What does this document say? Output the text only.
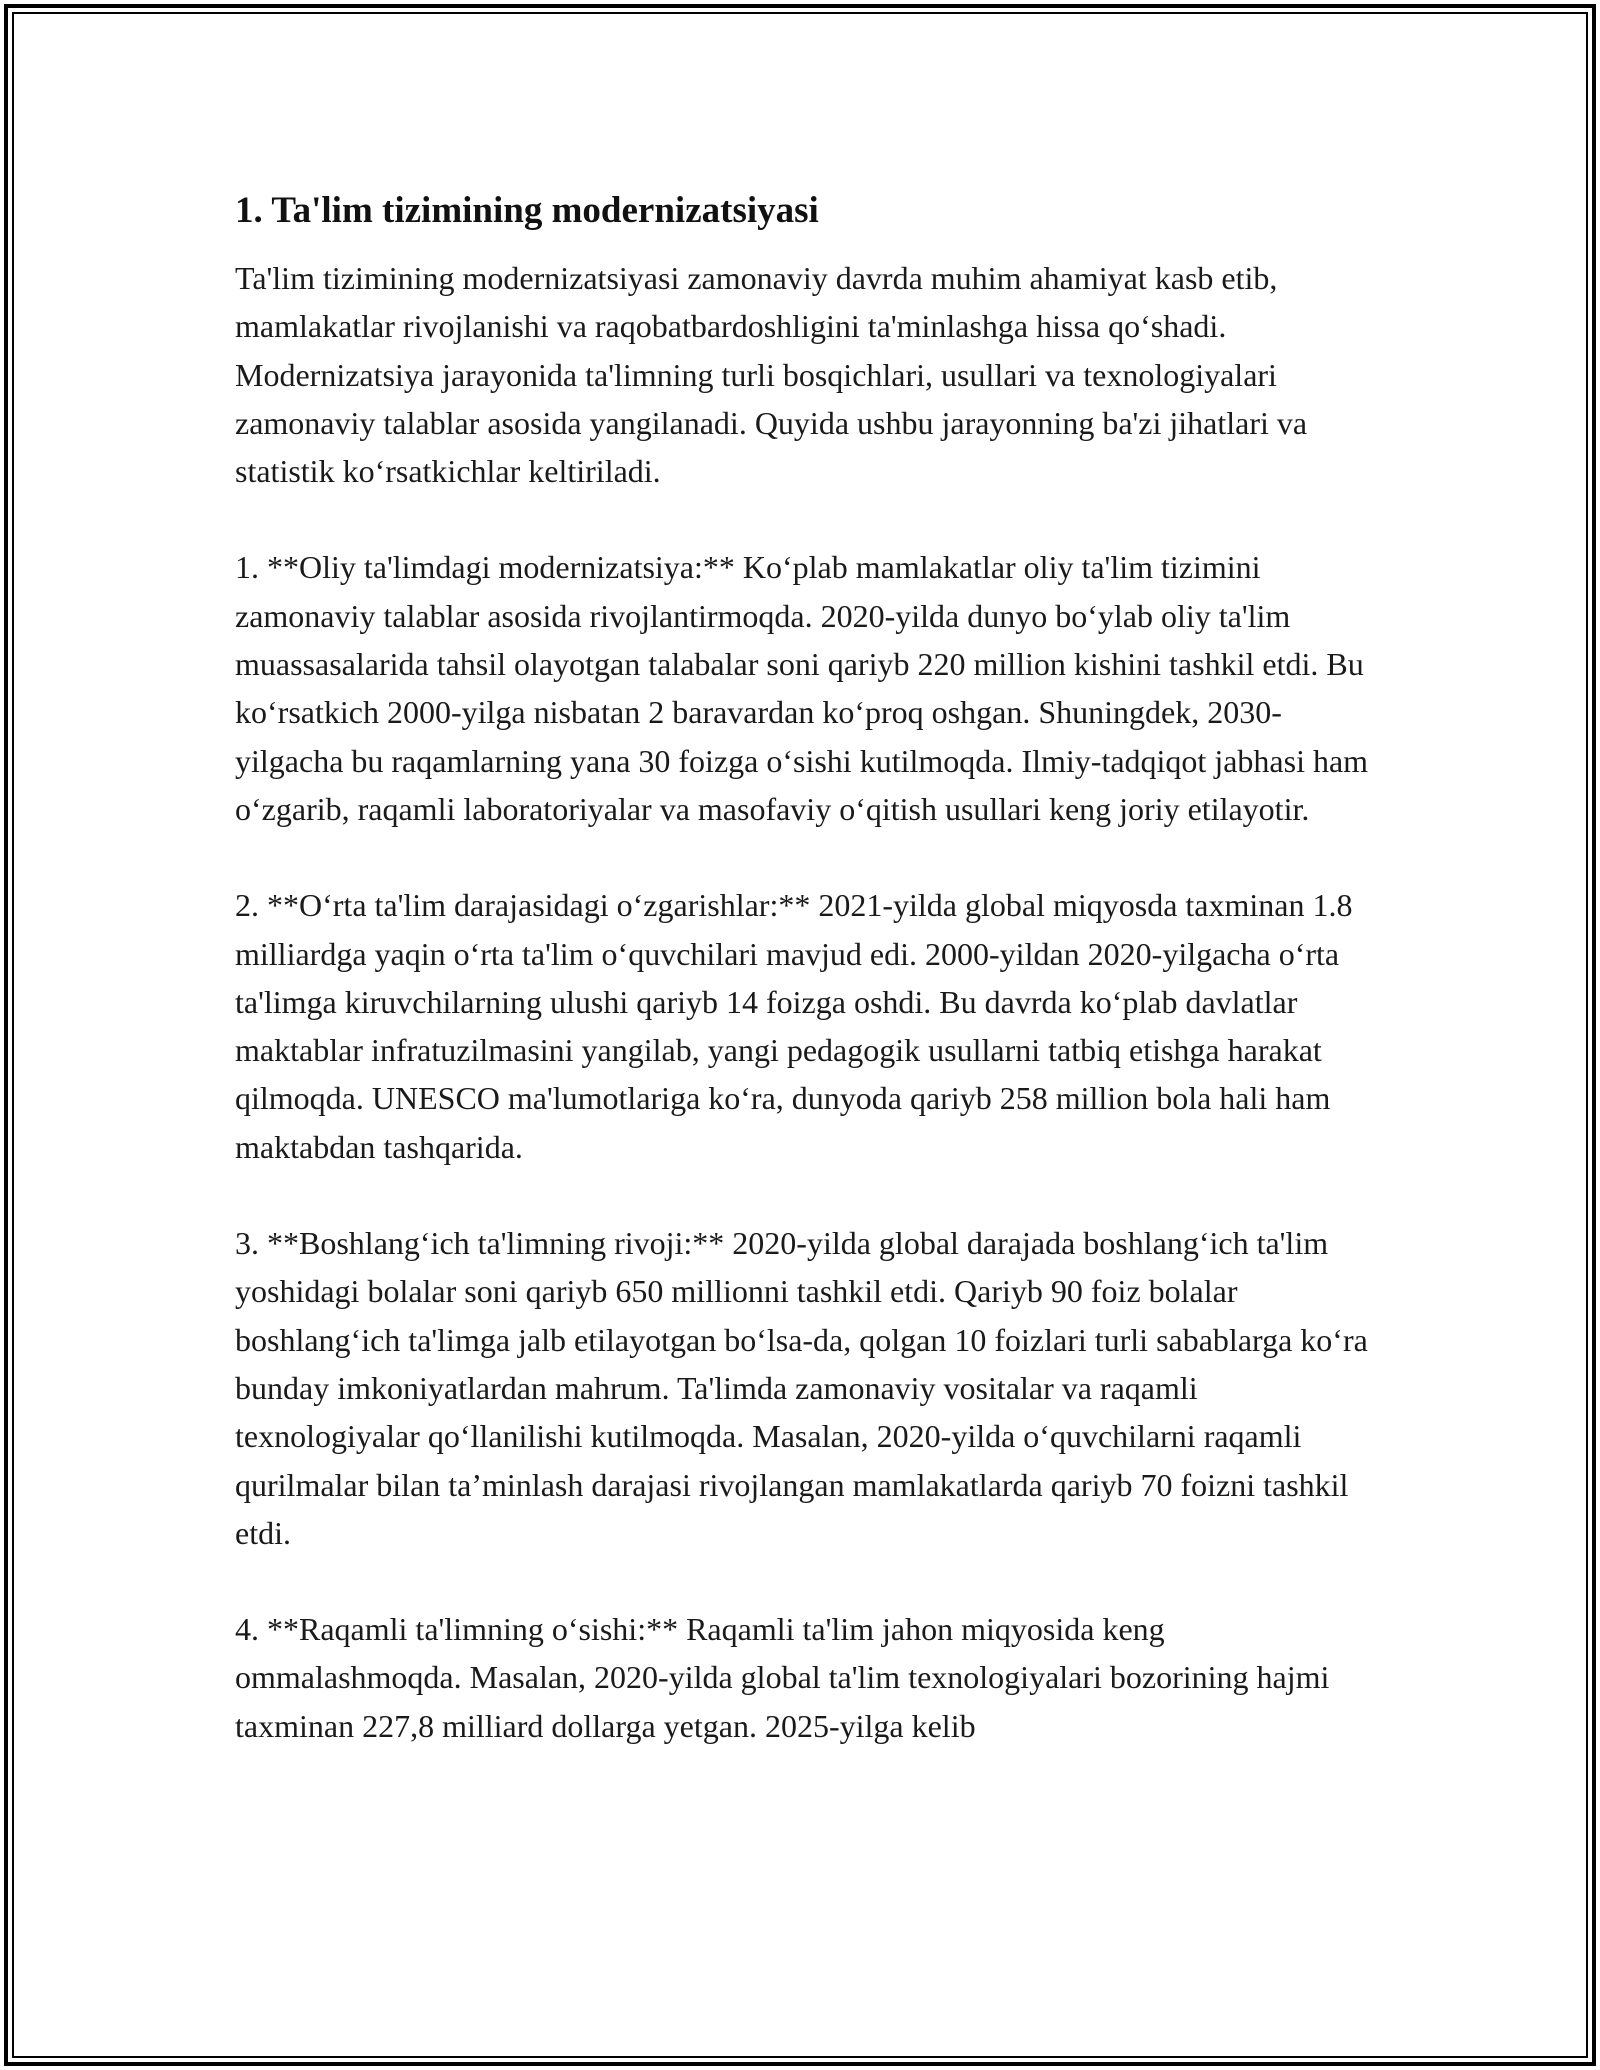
1. Ta'lim tizimining modernizatsiyasi

Ta'lim tizimining modernizatsiyasi zamonaviy davrda muhim ahamiyat kasb etib, mamlakatlar rivojlanishi va raqobatbardoshligini ta'minlashga hissa qo‘shadi. Modernizatsiya jarayonida ta'limning turli bosqichlari, usullari va texnologiyalari zamonaviy talablar asosida yangilanadi. Quyida ushbu jarayonning ba'zi jihatlari va statistik ko‘rsatkichlar keltiriladi.

1. **Oliy ta'limdagi modernizatsiya:** Ko‘plab mamlakatlar oliy ta'lim tizimini zamonaviy talablar asosida rivojlantirmoqda. 2020-yilda dunyo bo‘ylab oliy ta'lim muassasalarida tahsil olayotgan talabalar soni qariyb 220 million kishini tashkil etdi. Bu ko‘rsatkich 2000-yilga nisbatan 2 baravardan ko‘proq oshgan. Shuningdek, 2030-yilgacha bu raqamlarning yana 30 foizga o‘sishi kutilmoqda. Ilmiy-tadqiqot jabhasi ham o‘zgarib, raqamli laboratoriyalar va masofaviy o‘qitish usullari keng joriy etilayotir.

2. **O‘rta ta'lim darajasidagi o‘zgarishlar:** 2021-yilda global miqyosda taxminan 1.8 milliardga yaqin o‘rta ta'lim o‘quvchilari mavjud edi. 2000-yildan 2020-yilgacha o‘rta ta'limga kiruvchilarning ulushi qariyb 14 foizga oshdi. Bu davrda ko‘plab davlatlar maktablar infratuzilmasini yangilab, yangi pedagogik usullarni tatbiq etishga harakat qilmoqda. UNESCO ma'lumotlariga ko‘ra, dunyoda qariyb 258 million bola hali ham maktabdan tashqarida.

3. **Boshlang‘ich ta'limning rivoji:** 2020-yilda global darajada boshlang‘ich ta'lim yoshidagi bolalar soni qariyb 650 millionni tashkil etdi. Qariyb 90 foiz bolalar boshlang‘ich ta'limga jalb etilayotgan bo‘lsa-da, qolgan 10 foizlari turli sabablarga ko‘ra bunday imkoniyatlardan mahrum. Ta'limda zamonaviy vositalar va raqamli texnologiyalar qo‘llanilishi kutilmoqda. Masalan, 2020-yilda o‘quvchilarni raqamli qurilmalar bilan ta’minlash darajasi rivojlangan mamlakatlarda qariyb 70 foizni tashkil etdi.

4. **Raqamli ta'limning o‘sishi:** Raqamli ta'lim jahon miqyosida keng ommalashmoqda. Masalan, 2020-yilda global ta'lim texnologiyalari bozorining hajmi taxminan 227,8 milliard dollarga yetgan. 2025-yilga kelib
